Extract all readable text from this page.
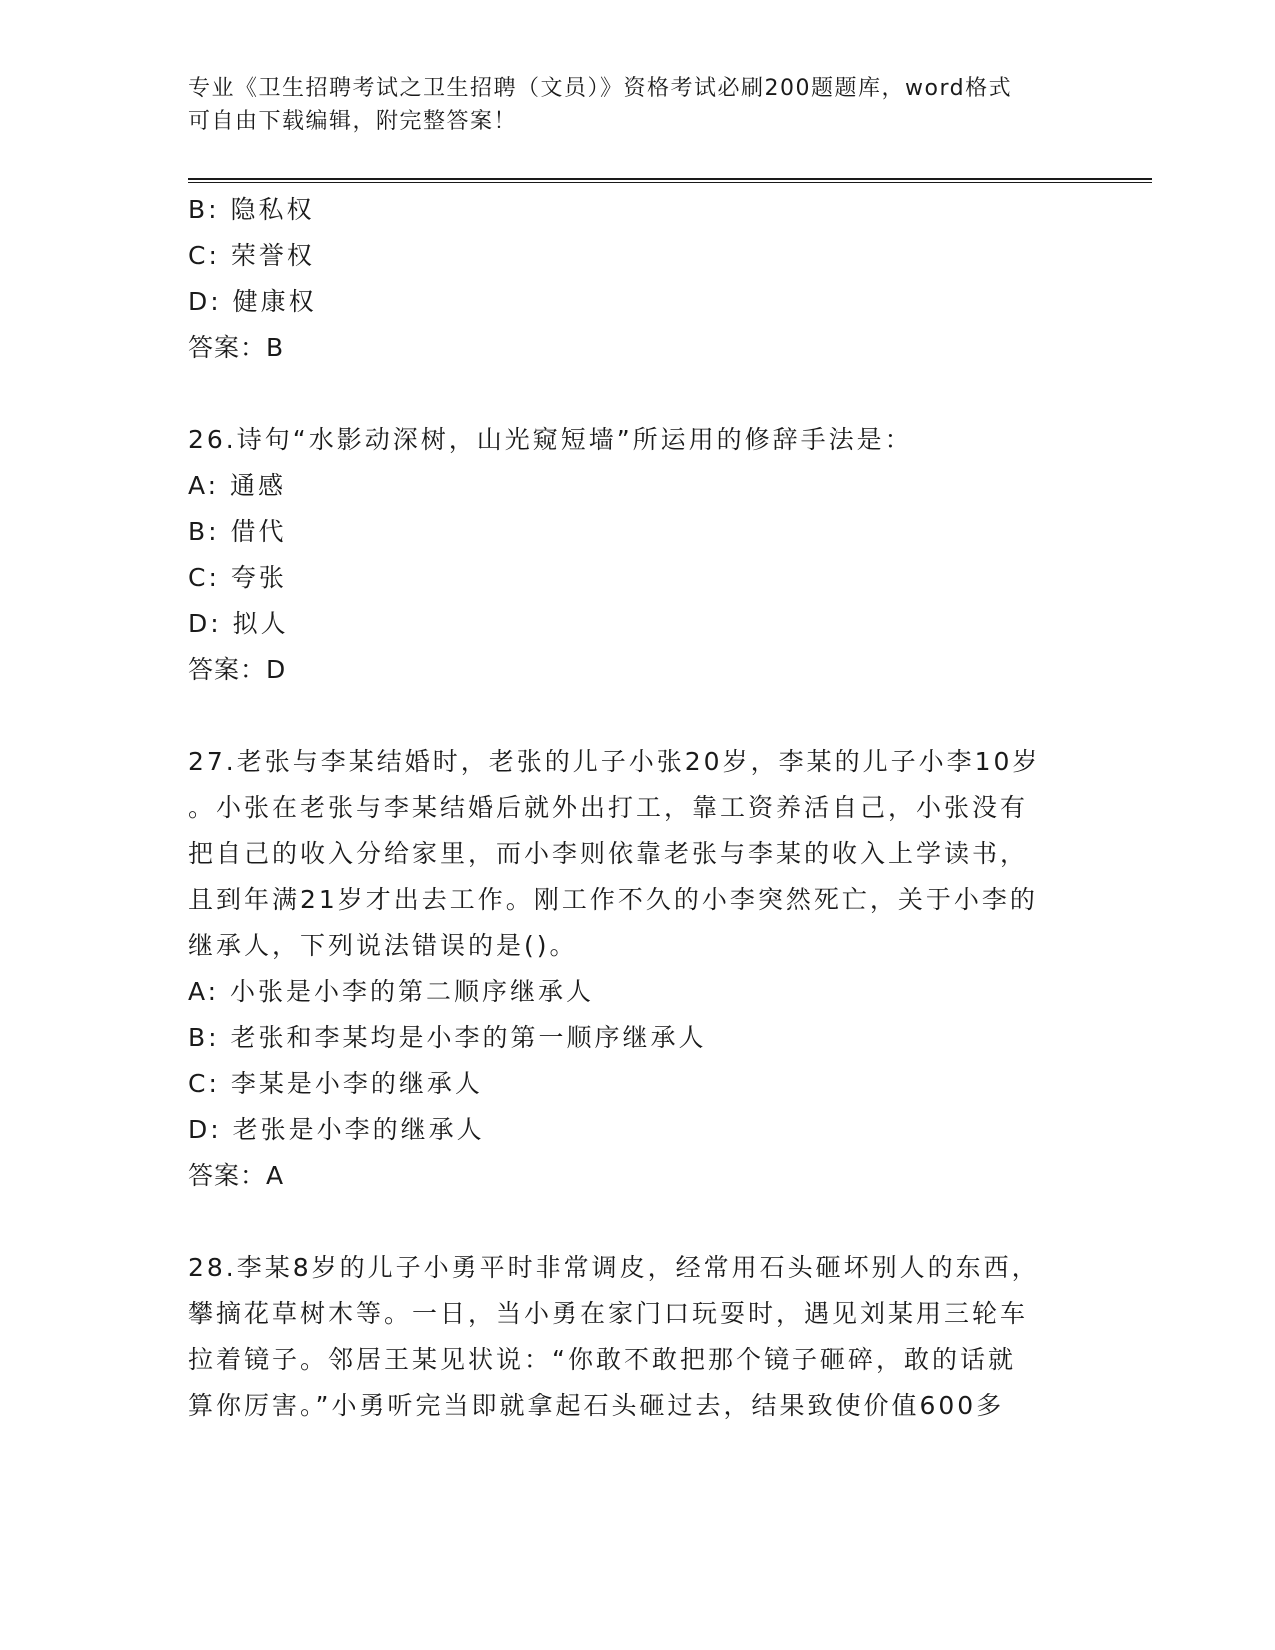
专业《卫生招聘考试之卫生招聘（文员）》资格考试必刷200题题库，word格式
可自由下载编辑，附完整答案！
B: 隐私权
C: 荣誉权
D: 健康权
答案：B
26.诗句“水影动深树，山光窥短墙”所运用的修辞手法是：
A: 通感
B: 借代
C: 夸张
D: 拟人
答案：D
27.老张与李某结婚时，老张的儿子小张20岁，李某的儿子小李10岁
。小张在老张与李某结婚后就外出打工，靠工资养活自己，小张没有
把自己的收入分给家里，而小李则依靠老张与李某的收入上学读书，
且到年满21岁才出去工作。刚工作不久的小李突然死亡，关于小李的
继承人，下列说法错误的是()。
A: 小张是小李的第二顺序继承人
B: 老张和李某均是小李的第一顺序继承人
C: 李某是小李的继承人
D: 老张是小李的继承人
答案：A
28.李某8岁的儿子小勇平时非常调皮，经常用石头砸坏别人的东西，
攀摘花草树木等。一日，当小勇在家门口玩耍时，遇见刘某用三轮车
拉着镜子。邻居王某见状说：“你敢不敢把那个镜子砸碎，敢的话就
算你厉害。”小勇听完当即就拿起石头砸过去，结果致使价值600多
